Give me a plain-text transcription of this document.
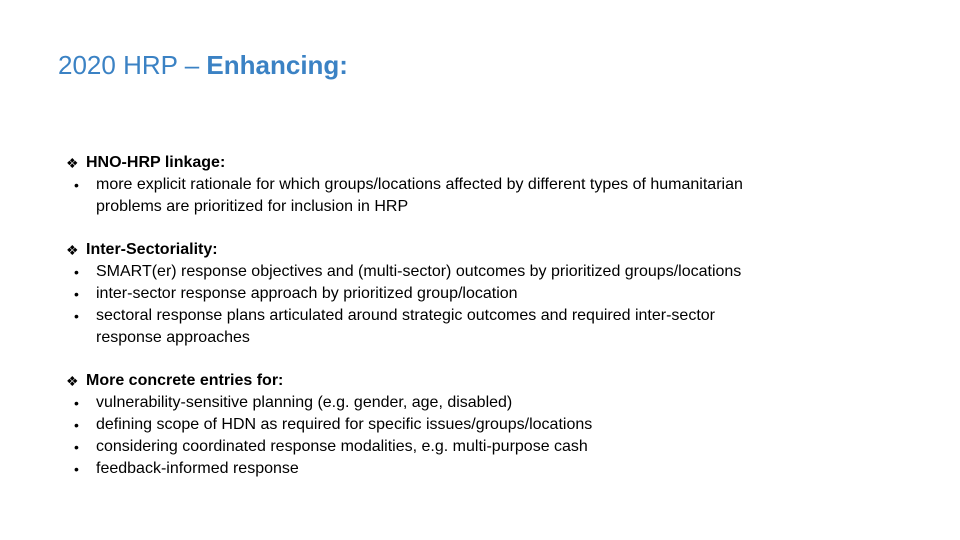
2020 HRP – Enhancing:
❖ HNO-HRP linkage:
•	more explicit rationale for which groups/locations affected by different types of humanitarian problems are prioritized for inclusion in HRP
❖ Inter-Sectoriality:
•	SMART(er) response objectives and (multi-sector) outcomes by prioritized groups/locations
•	inter-sector response approach by prioritized group/location
•	sectoral response plans articulated around strategic outcomes and required inter-sector response approaches
❖ More concrete entries for:
•	vulnerability-sensitive planning (e.g. gender, age, disabled)
•	defining scope of HDN as required for specific issues/groups/locations
•	considering coordinated response modalities, e.g. multi-purpose cash
•	feedback-informed response
